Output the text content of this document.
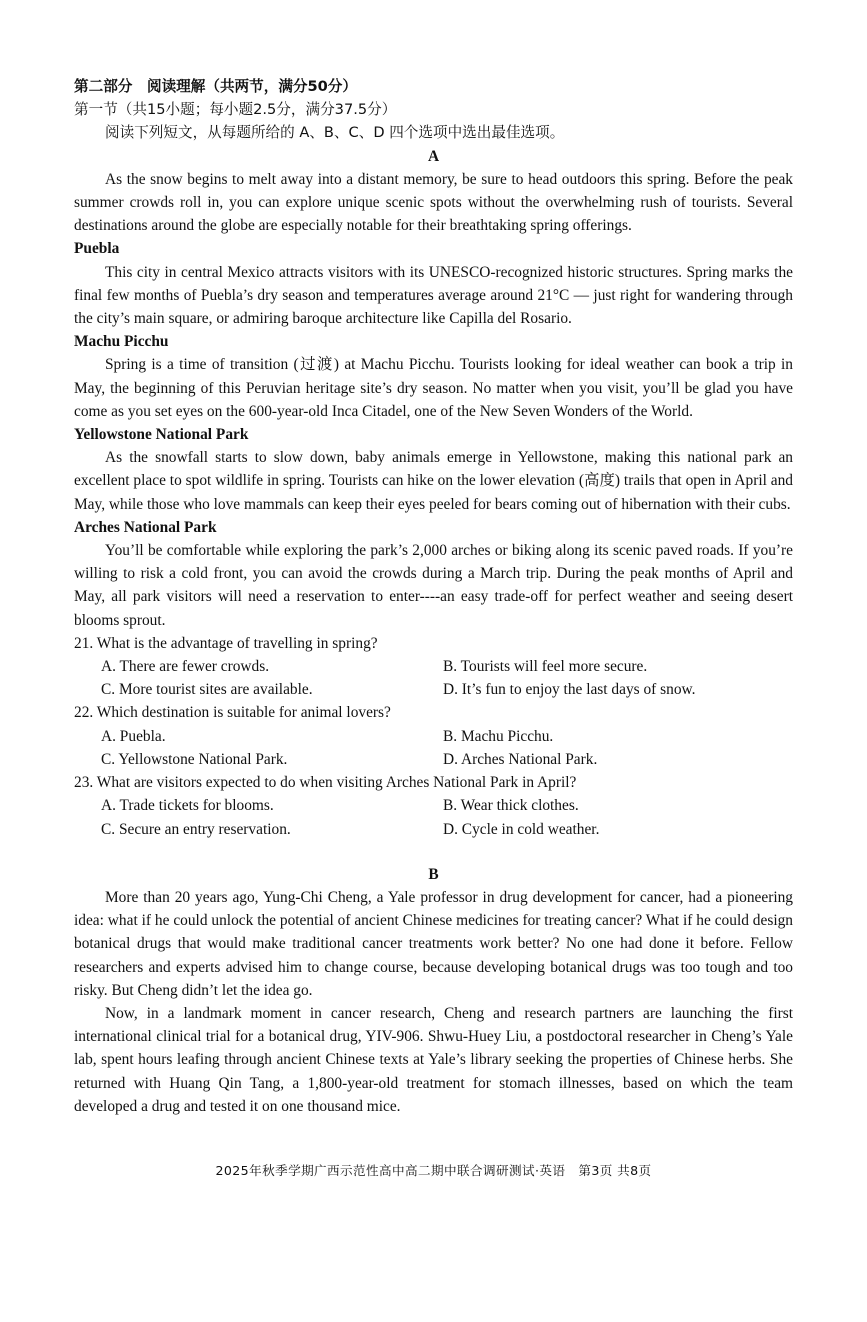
第二部分　阅读理解（共两节，满分50分）

第一节（共15小题；每小题2.5分，满分37.5分）

阅读下列短文，从每题所给的 A、B、C、D 四个选项中选出最佳选项。

A

As the snow begins to melt away into a distant memory, be sure to head outdoors this spring. Before the peak summer crowds roll in, you can explore unique scenic spots without the overwhelming rush of tourists. Several destinations around the globe are especially notable for their breathtaking spring offerings.

Puebla

This city in central Mexico attracts visitors with its UNESCO-recognized historic structures. Spring marks the final few months of Puebla’s dry season and temperatures average around 21°C — just right for wandering through the city’s main square, or admiring baroque architecture like Capilla del Rosario.

Machu Picchu

Spring is a time of transition (过渡) at Machu Picchu. Tourists looking for ideal weather can book a trip in May, the beginning of this Peruvian heritage site’s dry season. No matter when you visit, you’ll be glad you have come as you set eyes on the 600-year-old Inca Citadel, one of the New Seven Wonders of the World.

Yellowstone National Park

As the snowfall starts to slow down, baby animals emerge in Yellowstone, making this national park an excellent place to spot wildlife in spring. Tourists can hike on the lower elevation (高度) trails that open in April and May, while those who love mammals can keep their eyes peeled for bears coming out of hibernation with their cubs.

Arches National Park

You’ll be comfortable while exploring the park’s 2,000 arches or biking along its scenic paved roads. If you’re willing to risk a cold front, you can avoid the crowds during a March trip. During the peak months of April and May, all park visitors will need a reservation to enter----an easy trade-off for perfect weather and seeing desert blooms sprout.

21. What is the advantage of travelling in spring?

A. There are fewer crowds.	B. Tourists will feel more secure.
C. More tourist sites are available.	D. It’s fun to enjoy the last days of snow.

22. Which destination is suitable for animal lovers?

A. Puebla.	B. Machu Picchu.
C. Yellowstone National Park.	D. Arches National Park.

23. What are visitors expected to do when visiting Arches National Park in April?

A. Trade tickets for blooms.	B. Wear thick clothes.
C. Secure an entry reservation.	D. Cycle in cold weather.

B

More than 20 years ago, Yung-Chi Cheng, a Yale professor in drug development for cancer, had a pioneering idea: what if he could unlock the potential of ancient Chinese medicines for treating cancer? What if he could design botanical drugs that would make traditional cancer treatments work better? No one had done it before. Fellow researchers and experts advised him to change course, because developing botanical drugs was too tough and too risky. But Cheng didn’t let the idea go.

Now, in a landmark moment in cancer research, Cheng and research partners are launching the first international clinical trial for a botanical drug, YIV-906. Shwu-Huey Liu, a postdoctoral researcher in Cheng’s Yale lab, spent hours leafing through ancient Chinese texts at Yale’s library seeking the properties of Chinese herbs. She returned with Huang Qin Tang, a 1,800-year-old treatment for stomach illnesses, based on which the team developed a drug and tested it on one thousand mice.

2025年秋季学期广西示范性高中高二期中联合调研测试·英语　第3页 共8页
